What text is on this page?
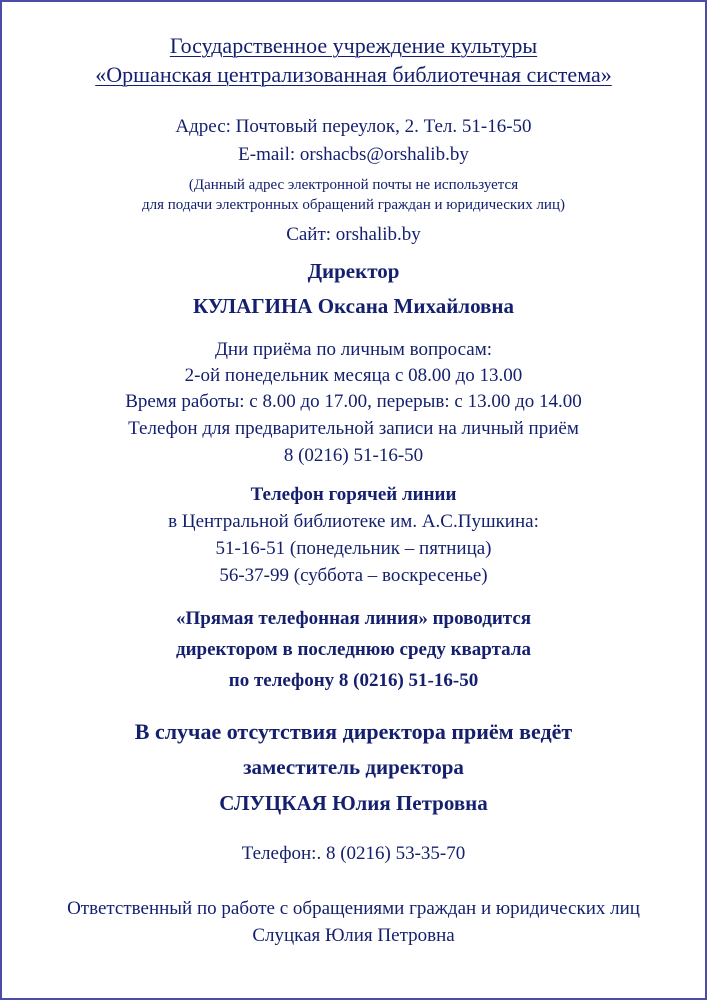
Государственное учреждение культуры
«Оршанская централизованная библиотечная система»
Адрес: Почтовый переулок, 2. Тел. 51-16-50
E-mail: orshacbs@orshalib.by
(Данный адрес электронной почты не используется
для подачи электронных обращений граждан и юридических лиц)
Сайт: orshalib.by
Директор
КУЛАГИНА Оксана Михайловна
Дни приёма по личным вопросам:
2-ой понедельник месяца с 08.00 до 13.00
Время работы: с 8.00 до 17.00, перерыв: с 13.00 до 14.00
Телефон для предварительной записи на личный приём
8 (0216) 51-16-50
Телефон горячей линии
в Центральной библиотеке им. А.С.Пушкина:
51-16-51 (понедельник – пятница)
56-37-99 (суббота – воскресенье)
«Прямая телефонная линия» проводится
директором в последнюю среду квартала
по телефону 8 (0216) 51-16-50
В случае отсутствия директора приём ведёт
заместитель директора
СЛУЦКАЯ Юлия Петровна
Телефон:. 8 (0216) 53-35-70
Ответственный по работе с обращениями граждан и юридических лиц
Слуцкая Юлия Петровна
